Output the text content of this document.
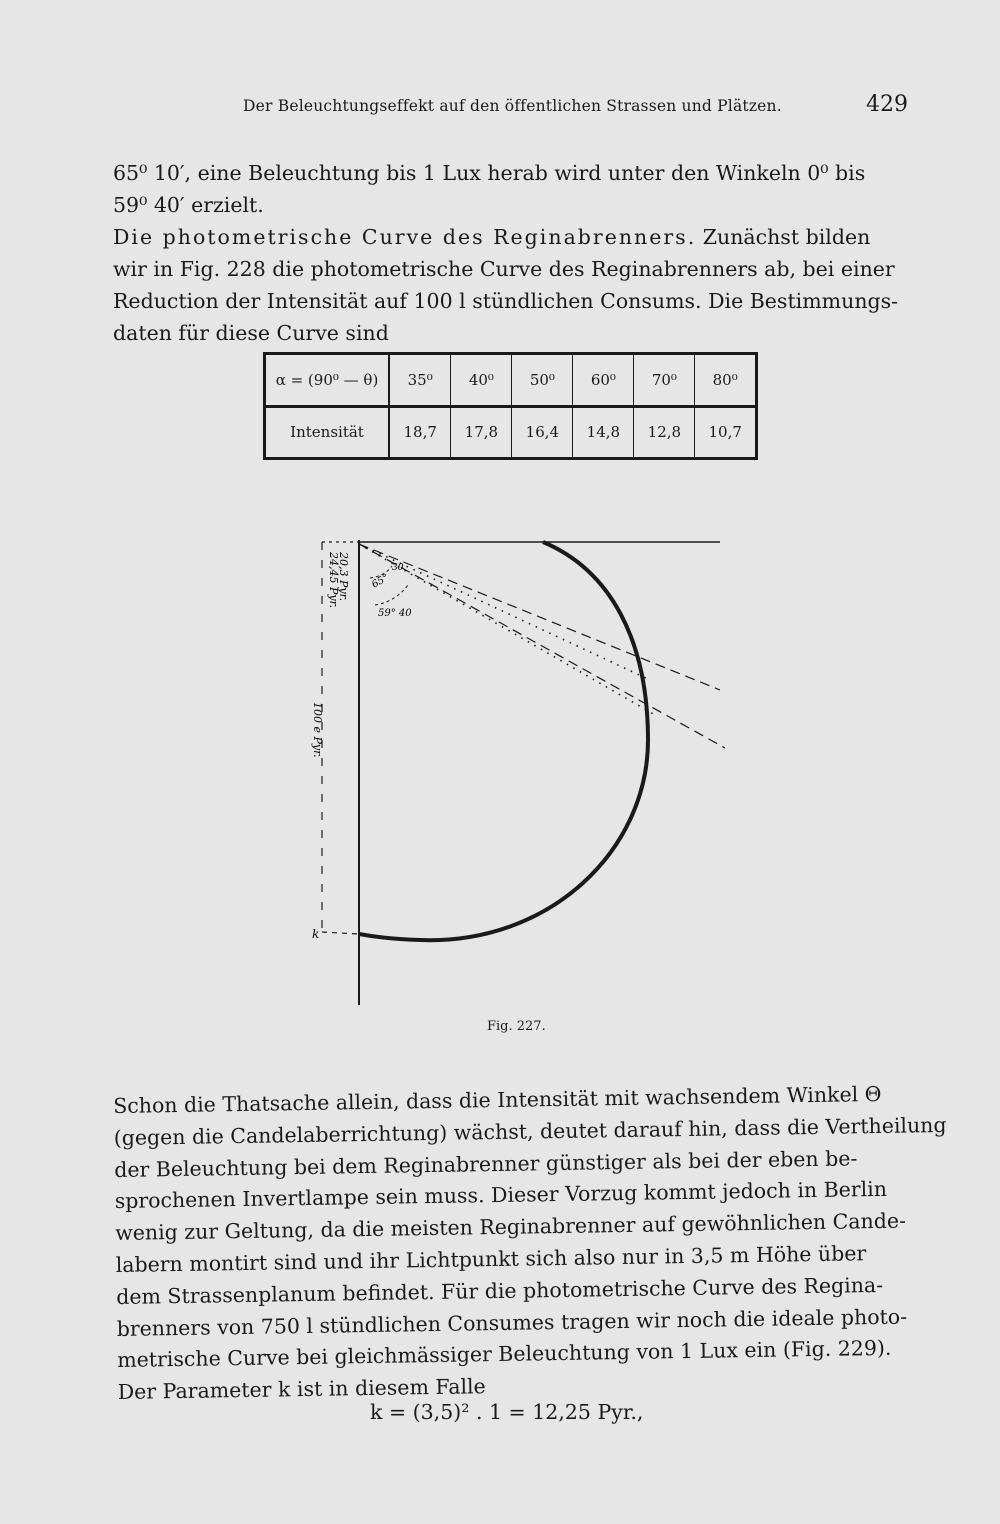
Der Beleuchtungseffekt auf den öffentlichen Strassen und Plätzen.	429
65⁰ 10′, eine Beleuchtung bis 1 Lux herab wird unter den Winkeln 0⁰ bis
59⁰ 40′ erzielt.
Die photometrische Curve des Reginabrenners. Zunächst bilden
wir in Fig. 228 die photometrische Curve des Reginabrenners ab, bei einer
Reduction der Intensität auf 100 l stündlichen Consums. Die Bestimmungs-
daten für diese Curve sind
α = (90⁰ — θ)	35⁰	40⁰	50⁰	60⁰	70⁰	80⁰
Intensität	18,7	17,8	16,4	14,8	12,8	10,7
20,3 Pyr.
24,45 Pyr.
100 e Pyr.
65°
59° 40
30
k
Fig. 227.
Schon die Thatsache allein, dass die Intensität mit wachsendem Winkel Θ
(gegen die Candelaberrichtung) wächst, deutet darauf hin, dass die Vertheilung
der Beleuchtung bei dem Reginabrenner günstiger als bei der eben be-
sprochenen Invertlampe sein muss. Dieser Vorzug kommt jedoch in Berlin
wenig zur Geltung, da die meisten Reginabrenner auf gewöhnlichen Cande-
labern montirt sind und ihr Lichtpunkt sich also nur in 3,5 m Höhe über
dem Strassenplanum befindet. Für die photometrische Curve des Regina-
brenners von 750 l stündlichen Consumes tragen wir noch die ideale photo-
metrische Curve bei gleichmässiger Beleuchtung von 1 Lux ein (Fig. 229).
Der Parameter k ist in diesem Falle
k = (3,5)² . 1 = 12,25 Pyr.,
